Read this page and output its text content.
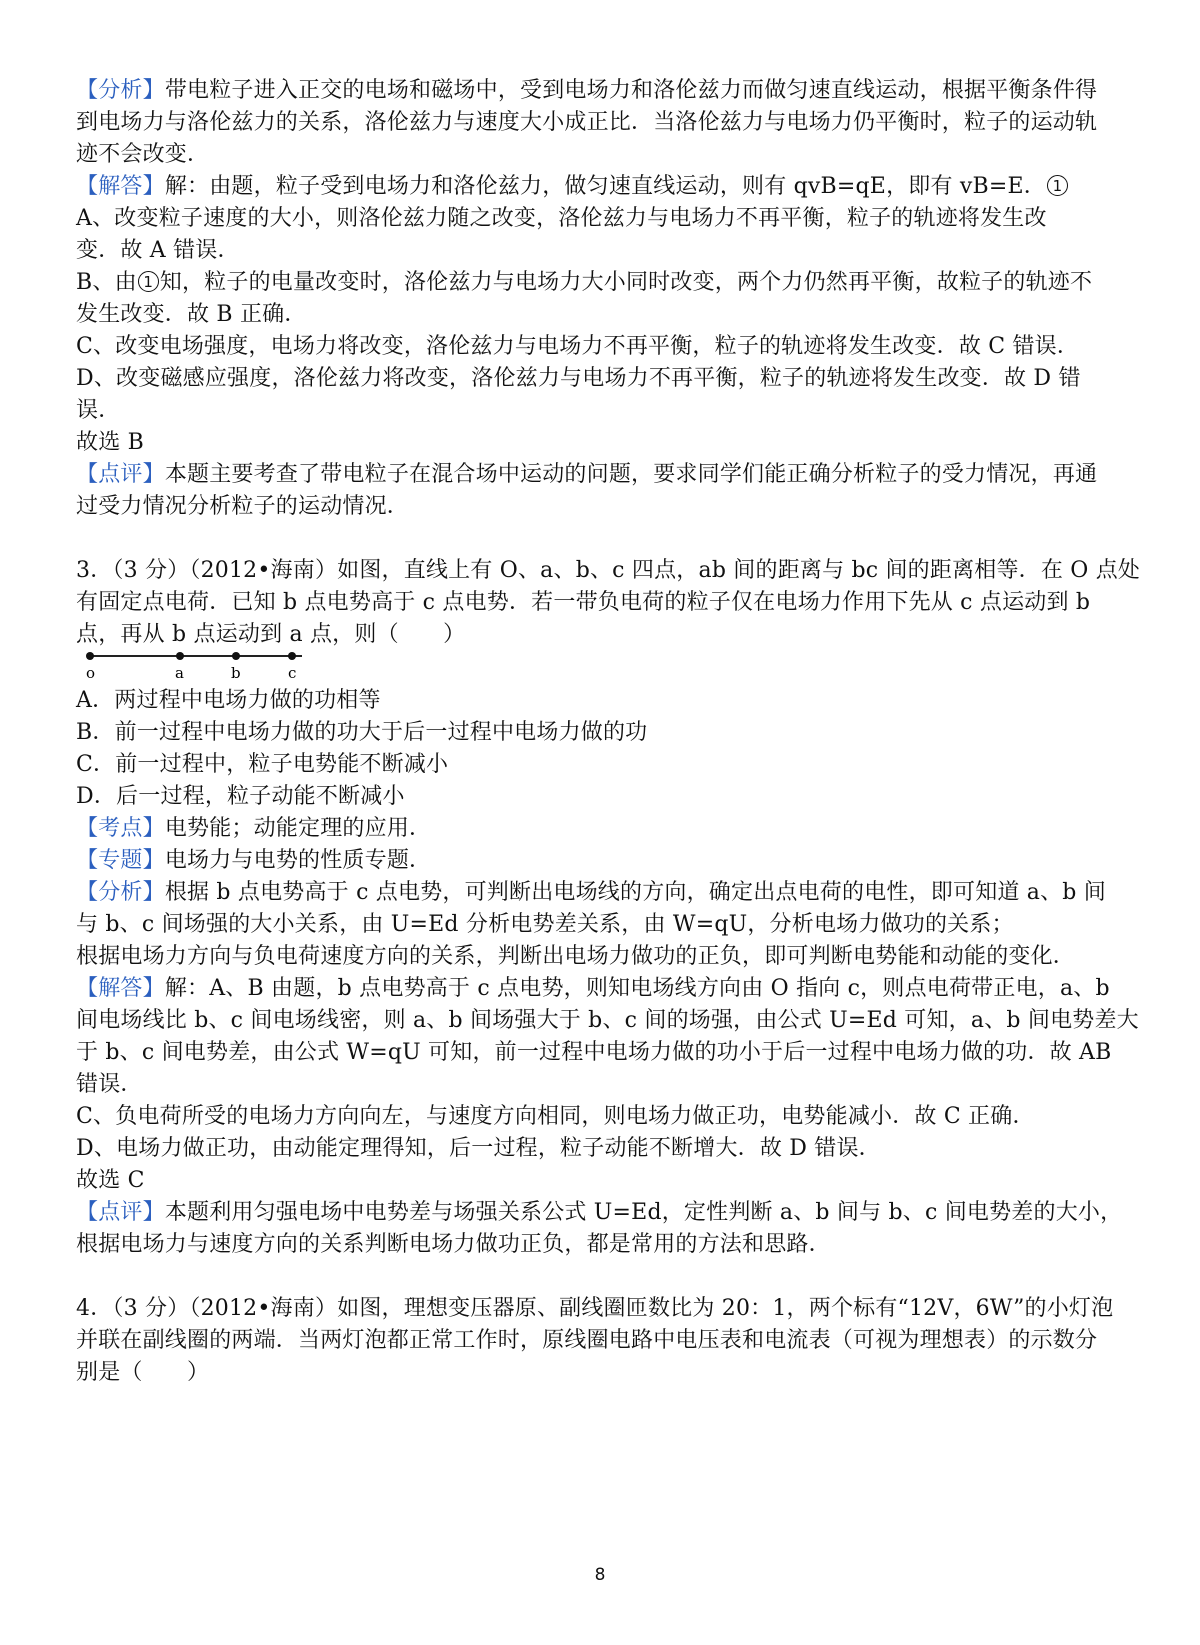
【分析】带电粒子进入正交的电场和磁场中，受到电场力和洛伦兹力而做匀速直线运动，根据平衡条件得
到电场力与洛伦兹力的关系，洛伦兹力与速度大小成正比．当洛伦兹力与电场力仍平衡时，粒子的运动轨
迹不会改变．
【解答】解：由题，粒子受到电场力和洛伦兹力，做匀速直线运动，则有 qvB=qE，即有 vB=E． 1
A、改变粒子速度的大小，则洛伦兹力随之改变，洛伦兹力与电场力不再平衡，粒子的轨迹将发生改
变．故 A 错误．
B、由 1 知，粒子的电量改变时，洛伦兹力与电场力大小同时改变，两个力仍然再平衡，故粒子的轨迹不
发生改变．故 B 正确．
C、改变电场强度，电场力将改变，洛伦兹力与电场力不再平衡，粒子的轨迹将发生改变．故 C 错误．
D、改变磁感应强度，洛伦兹力将改变，洛伦兹力与电场力不再平衡，粒子的轨迹将发生改变．故 D 错
误．
故选 B
【点评】本题主要考查了带电粒子在混合场中运动的问题，要求同学们能正确分析粒子的受力情况，再通
过受力情况分析粒子的运动情况．
3．（3 分）（2012•海南）如图，直线上有 O、a、b、c 四点，ab 间的距离与 bc 间的距离相等．在 O 点处
有固定点电荷．已知 b 点电势高于 c 点电势．若一带负电荷的粒子仅在电场力作用下先从 c 点运动到 b
点，再从 b 点运动到 a 点，则（　　）
o	a	b	c
A．两过程中电场力做的功相等
B．前一过程中电场力做的功大于后一过程中电场力做的功
C．前一过程中，粒子电势能不断减小
D．后一过程，粒子动能不断减小
【考点】电势能；动能定理的应用．
【专题】电场力与电势的性质专题．
【分析】根据 b 点电势高于 c 点电势，可判断出电场线的方向，确定出点电荷的电性，即可知道 a、b 间
与 b、c 间场强的大小关系，由 U=Ed 分析电势差关系，由 W=qU，分析电场力做功的关系；
根据电场力方向与负电荷速度方向的关系，判断出电场力做功的正负，即可判断电势能和动能的变化．
【解答】解：A、B 由题，b 点电势高于 c 点电势，则知电场线方向由 O 指向 c，则点电荷带正电，a、b
间电场线比 b、c 间电场线密，则 a、b 间场强大于 b、c 间的场强，由公式 U=Ed 可知，a、b 间电势差大
于 b、c 间电势差，由公式 W=qU 可知，前一过程中电场力做的功小于后一过程中电场力做的功．故 AB
错误．
C、负电荷所受的电场力方向向左，与速度方向相同，则电场力做正功，电势能减小．故 C 正确．
D、电场力做正功，由动能定理得知，后一过程，粒子动能不断增大．故 D 错误．
故选 C
【点评】本题利用匀强电场中电势差与场强关系公式 U=Ed，定性判断 a、b 间与 b、c 间电势差的大小，
根据电场力与速度方向的关系判断电场力做功正负，都是常用的方法和思路．
4．（3 分）（2012•海南）如图，理想变压器原、副线圈匝数比为 20：1，两个标有“12V，6W”的小灯泡
并联在副线圈的两端．当两灯泡都正常工作时，原线圈电路中电压表和电流表（可视为理想表）的示数分
别是（　　）
8
